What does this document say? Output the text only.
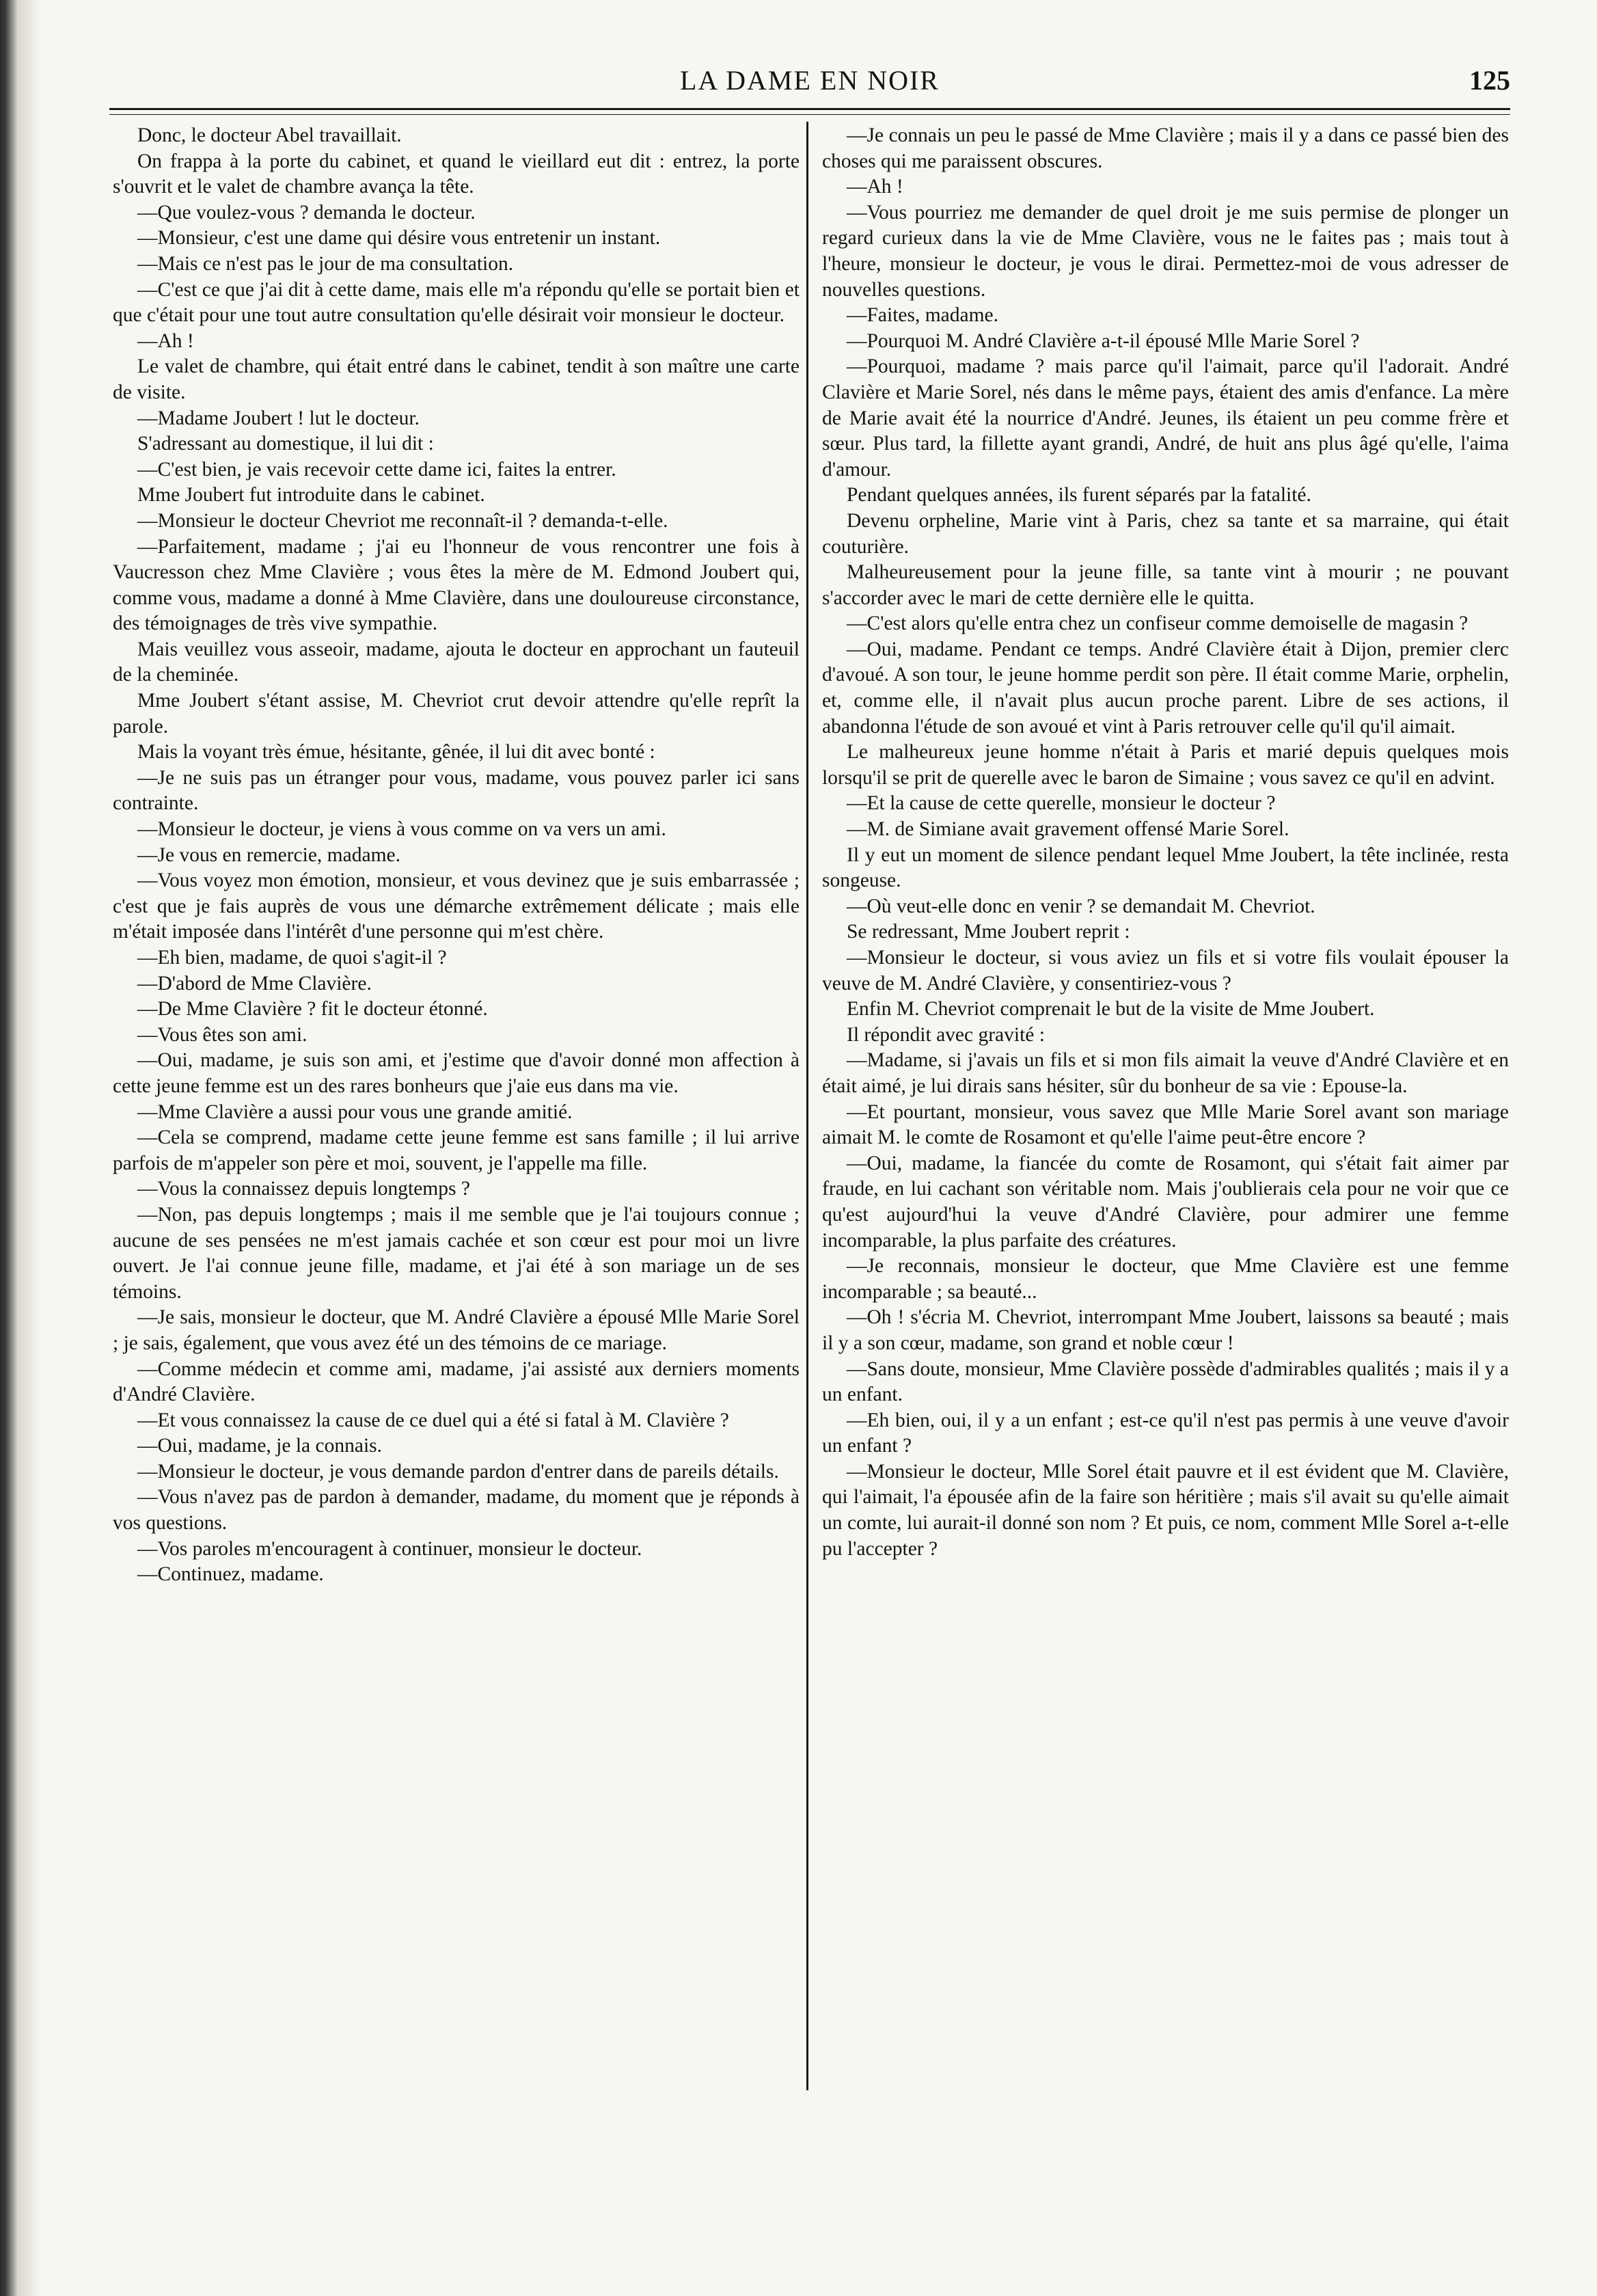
LA DAME EN NOIR	125

Donc, le docteur Abel travaillait.

On frappa à la porte du cabinet, et quand le vieillard eut dit : entrez, la porte s'ouvrit et le valet de chambre avança la tête.

—Que voulez-vous ? demanda le docteur.

—Monsieur, c'est une dame qui désire vous entretenir un instant.

—Mais ce n'est pas le jour de ma consultation.

—C'est ce que j'ai dit à cette dame, mais elle m'a répondu qu'elle se portait bien et que c'était pour une tout autre consultation qu'elle désirait voir monsieur le docteur.

—Ah !

Le valet de chambre, qui était entré dans le cabinet, tendit à son maître une carte de visite.

—Madame Joubert ! lut le docteur.

S'adressant au domestique, il lui dit :

—C'est bien, je vais recevoir cette dame ici, faites la entrer.

Mme Joubert fut introduite dans le cabinet.

—Monsieur le docteur Chevriot me reconnaît-il ? demanda-t-elle.

—Parfaitement, madame ; j'ai eu l'honneur de vous rencontrer une fois à Vaucresson chez Mme Clavière ; vous êtes la mère de M. Edmond Joubert qui, comme vous, madame a donné à Mme Clavière, dans une douloureuse circonstance, des témoignages de très vive sympathie.

Mais veuillez vous asseoir, madame, ajouta le docteur en approchant un fauteuil de la cheminée.

Mme Joubert s'étant assise, M. Chevriot crut devoir attendre qu'elle reprît la parole.

Mais la voyant très émue, hésitante, gênée, il lui dit avec bonté :

—Je ne suis pas un étranger pour vous, madame, vous pouvez parler ici sans contrainte.

—Monsieur le docteur, je viens à vous comme on va vers un ami.

—Je vous en remercie, madame.

—Vous voyez mon émotion, monsieur, et vous devinez que je suis embarrassée ; c'est que je fais auprès de vous une démarche extrêmement délicate ; mais elle m'était imposée dans l'intérêt d'une personne qui m'est chère.

—Eh bien, madame, de quoi s'agit-il ?

—D'abord de Mme Clavière.

—De Mme Clavière ? fit le docteur étonné.

—Vous êtes son ami.

—Oui, madame, je suis son ami, et j'estime que d'avoir donné mon affection à cette jeune femme est un des rares bonheurs que j'aie eus dans ma vie.

—Mme Clavière a aussi pour vous une grande amitié.

—Cela se comprend, madame cette jeune femme est sans famille ; il lui arrive parfois de m'appeler son père et moi, souvent, je l'appelle ma fille.

—Vous la connaissez depuis longtemps ?

—Non, pas depuis longtemps ; mais il me semble que je l'ai toujours connue ; aucune de ses pensées ne m'est jamais cachée et son cœur est pour moi un livre ouvert. Je l'ai connue jeune fille, madame, et j'ai été à son mariage un de ses témoins.

—Je sais, monsieur le docteur, que M. André Clavière a épousé Mlle Marie Sorel ; je sais, également, que vous avez été un des témoins de ce mariage.

—Comme médecin et comme ami, madame, j'ai assisté aux derniers moments d'André Clavière.

—Et vous connaissez la cause de ce duel qui a été si fatal à M. Clavière ?

—Oui, madame, je la connais.

—Monsieur le docteur, je vous demande pardon d'entrer dans de pareils détails.

—Vous n'avez pas de pardon à demander, madame, du moment que je réponds à vos questions.

—Vos paroles m'encouragent à continuer, monsieur le docteur.

—Continuez, madame.

—Je connais un peu le passé de Mme Clavière ; mais il y a dans ce passé bien des choses qui me paraissent obscures.

—Ah !

—Vous pourriez me demander de quel droit je me suis permise de plonger un regard curieux dans la vie de Mme Clavière, vous ne le faites pas ; mais tout à l'heure, monsieur le docteur, je vous le dirai. Permettez-moi de vous adresser de nouvelles questions.

—Faites, madame.

—Pourquoi M. André Clavière a-t-il épousé Mlle Marie Sorel ?

—Pourquoi, madame ? mais parce qu'il l'aimait, parce qu'il l'adorait. André Clavière et Marie Sorel, nés dans le même pays, étaient des amis d'enfance. La mère de Marie avait été la nourrice d'André. Jeunes, ils étaient un peu comme frère et sœur. Plus tard, la fillette ayant grandi, André, de huit ans plus âgé qu'elle, l'aima d'amour.

Pendant quelques années, ils furent séparés par la fatalité.

Devenu orpheline, Marie vint à Paris, chez sa tante et sa marraine, qui était couturière.

Malheureusement pour la jeune fille, sa tante vint à mourir ; ne pouvant s'accorder avec le mari de cette dernière elle le quitta.

—C'est alors qu'elle entra chez un confiseur comme demoiselle de magasin ?

—Oui, madame. Pendant ce temps. André Clavière était à Dijon, premier clerc d'avoué. A son tour, le jeune homme perdit son père. Il était comme Marie, orphelin, et, comme elle, il n'avait plus aucun proche parent. Libre de ses actions, il abandonna l'étude de son avoué et vint à Paris retrouver celle qu'il qu'il aimait.

Le malheureux jeune homme n'était à Paris et marié depuis quelques mois lorsqu'il se prit de querelle avec le baron de Simaine ; vous savez ce qu'il en advint.

—Et la cause de cette querelle, monsieur le docteur ?

—M. de Simiane avait gravement offensé Marie Sorel.

Il y eut un moment de silence pendant lequel Mme Joubert, la tête inclinée, resta songeuse.

—Où veut-elle donc en venir ? se demandait M. Chevriot.

Se redressant, Mme Joubert reprit :

—Monsieur le docteur, si vous aviez un fils et si votre fils voulait épouser la veuve de M. André Clavière, y consentiriez-vous ?

Enfin M. Chevriot comprenait le but de la visite de Mme Joubert.

Il répondit avec gravité :

—Madame, si j'avais un fils et si mon fils aimait la veuve d'André Clavière et en était aimé, je lui dirais sans hésiter, sûr du bonheur de sa vie : Epouse-la.

—Et pourtant, monsieur, vous savez que Mlle Marie Sorel avant son mariage aimait M. le comte de Rosamont et qu'elle l'aime peut-être encore ?

—Oui, madame, la fiancée du comte de Rosamont, qui s'était fait aimer par fraude, en lui cachant son véritable nom. Mais j'oublierais cela pour ne voir que ce qu'est aujourd'hui la veuve d'André Clavière, pour admirer une femme incomparable, la plus parfaite des créatures.

—Je reconnais, monsieur le docteur, que Mme Clavière est une femme incomparable ; sa beauté...

—Oh ! s'écria M. Chevriot, interrompant Mme Joubert, laissons sa beauté ; mais il y a son cœur, madame, son grand et noble cœur !

—Sans doute, monsieur, Mme Clavière possède d'admirables qualités ; mais il y a un enfant.

—Eh bien, oui, il y a un enfant ; est-ce qu'il n'est pas permis à une veuve d'avoir un enfant ?

—Monsieur le docteur, Mlle Sorel était pauvre et il est évident que M. Clavière, qui l'aimait, l'a épousée afin de la faire son héritière ; mais s'il avait su qu'elle aimait un comte, lui aurait-il donné son nom ? Et puis, ce nom, comment Mlle Sorel a-t-elle pu l'accepter ?
